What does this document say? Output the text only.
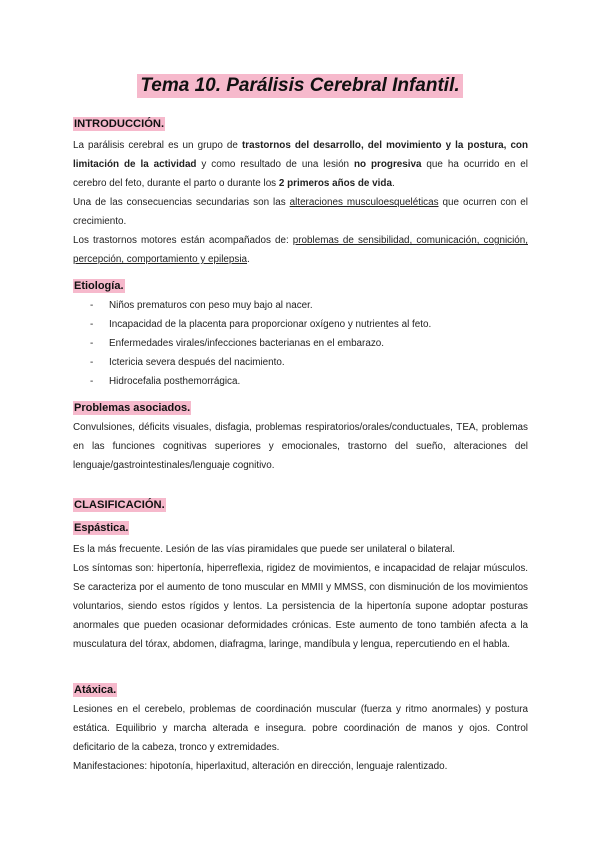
Tema 10. Parálisis Cerebral Infantil.
INTRODUCCIÓN.

La parálisis cerebral es un grupo de trastornos del desarrollo, del movimiento y la postura, con limitación de la actividad y como resultado de una lesión no progresiva que ha ocurrido en el cerebro del feto, durante el parto o durante los 2 primeros años de vida.

Una de las consecuencias secundarias son las alteraciones musculoesqueléticas que ocurren con el crecimiento.

Los trastornos motores están acompañados de: problemas de sensibilidad, comunicación, cognición, percepción, comportamiento y epilepsia.

Etiología.
- Niños prematuros con peso muy bajo al nacer.
- Incapacidad de la placenta para proporcionar oxígeno y nutrientes al feto.
- Enfermedades virales/infecciones bacterianas en el embarazo.
- Ictericia severa después del nacimiento.
- Hidrocefalia posthemorrágica.
Problemas asociados.

Convulsiones, déficits visuales, disfagia, problemas respiratorios/orales/conductuales, TEA, problemas en las funciones cognitivas superiores y emocionales, trastorno del sueño, alteraciones del lenguaje/gastrointestinales/lenguaje cognitivo.

CLASIFICACIÓN.
Espástica.

Es la más frecuente. Lesión de las vías piramidales que puede ser unilateral o bilateral.

Los síntomas son: hipertonía, hiperreflexia, rigidez de movimientos, e incapacidad de relajar músculos. Se caracteriza por el aumento de tono muscular en MMII y MMSS, con disminución de los movimientos voluntarios, siendo estos rígidos y lentos. La persistencia de la hipertonía supone adoptar posturas anormales que pueden ocasionar deformidades crónicas. Este aumento de tono también afecta a la musculatura del tórax, abdomen, diafragma, laringe, mandíbula y lengua, repercutiendo en el habla.

Atáxica.

Lesiones en el cerebelo, problemas de coordinación muscular (fuerza y ritmo anormales) y postura estática. Equilibrio y marcha alterada e insegura. pobre coordinación de manos y ojos. Control deficitario de la cabeza, tronco y extremidades.

Manifestaciones: hipotonía, hiperlaxitud, alteración en dirección, lenguaje ralentizado.
